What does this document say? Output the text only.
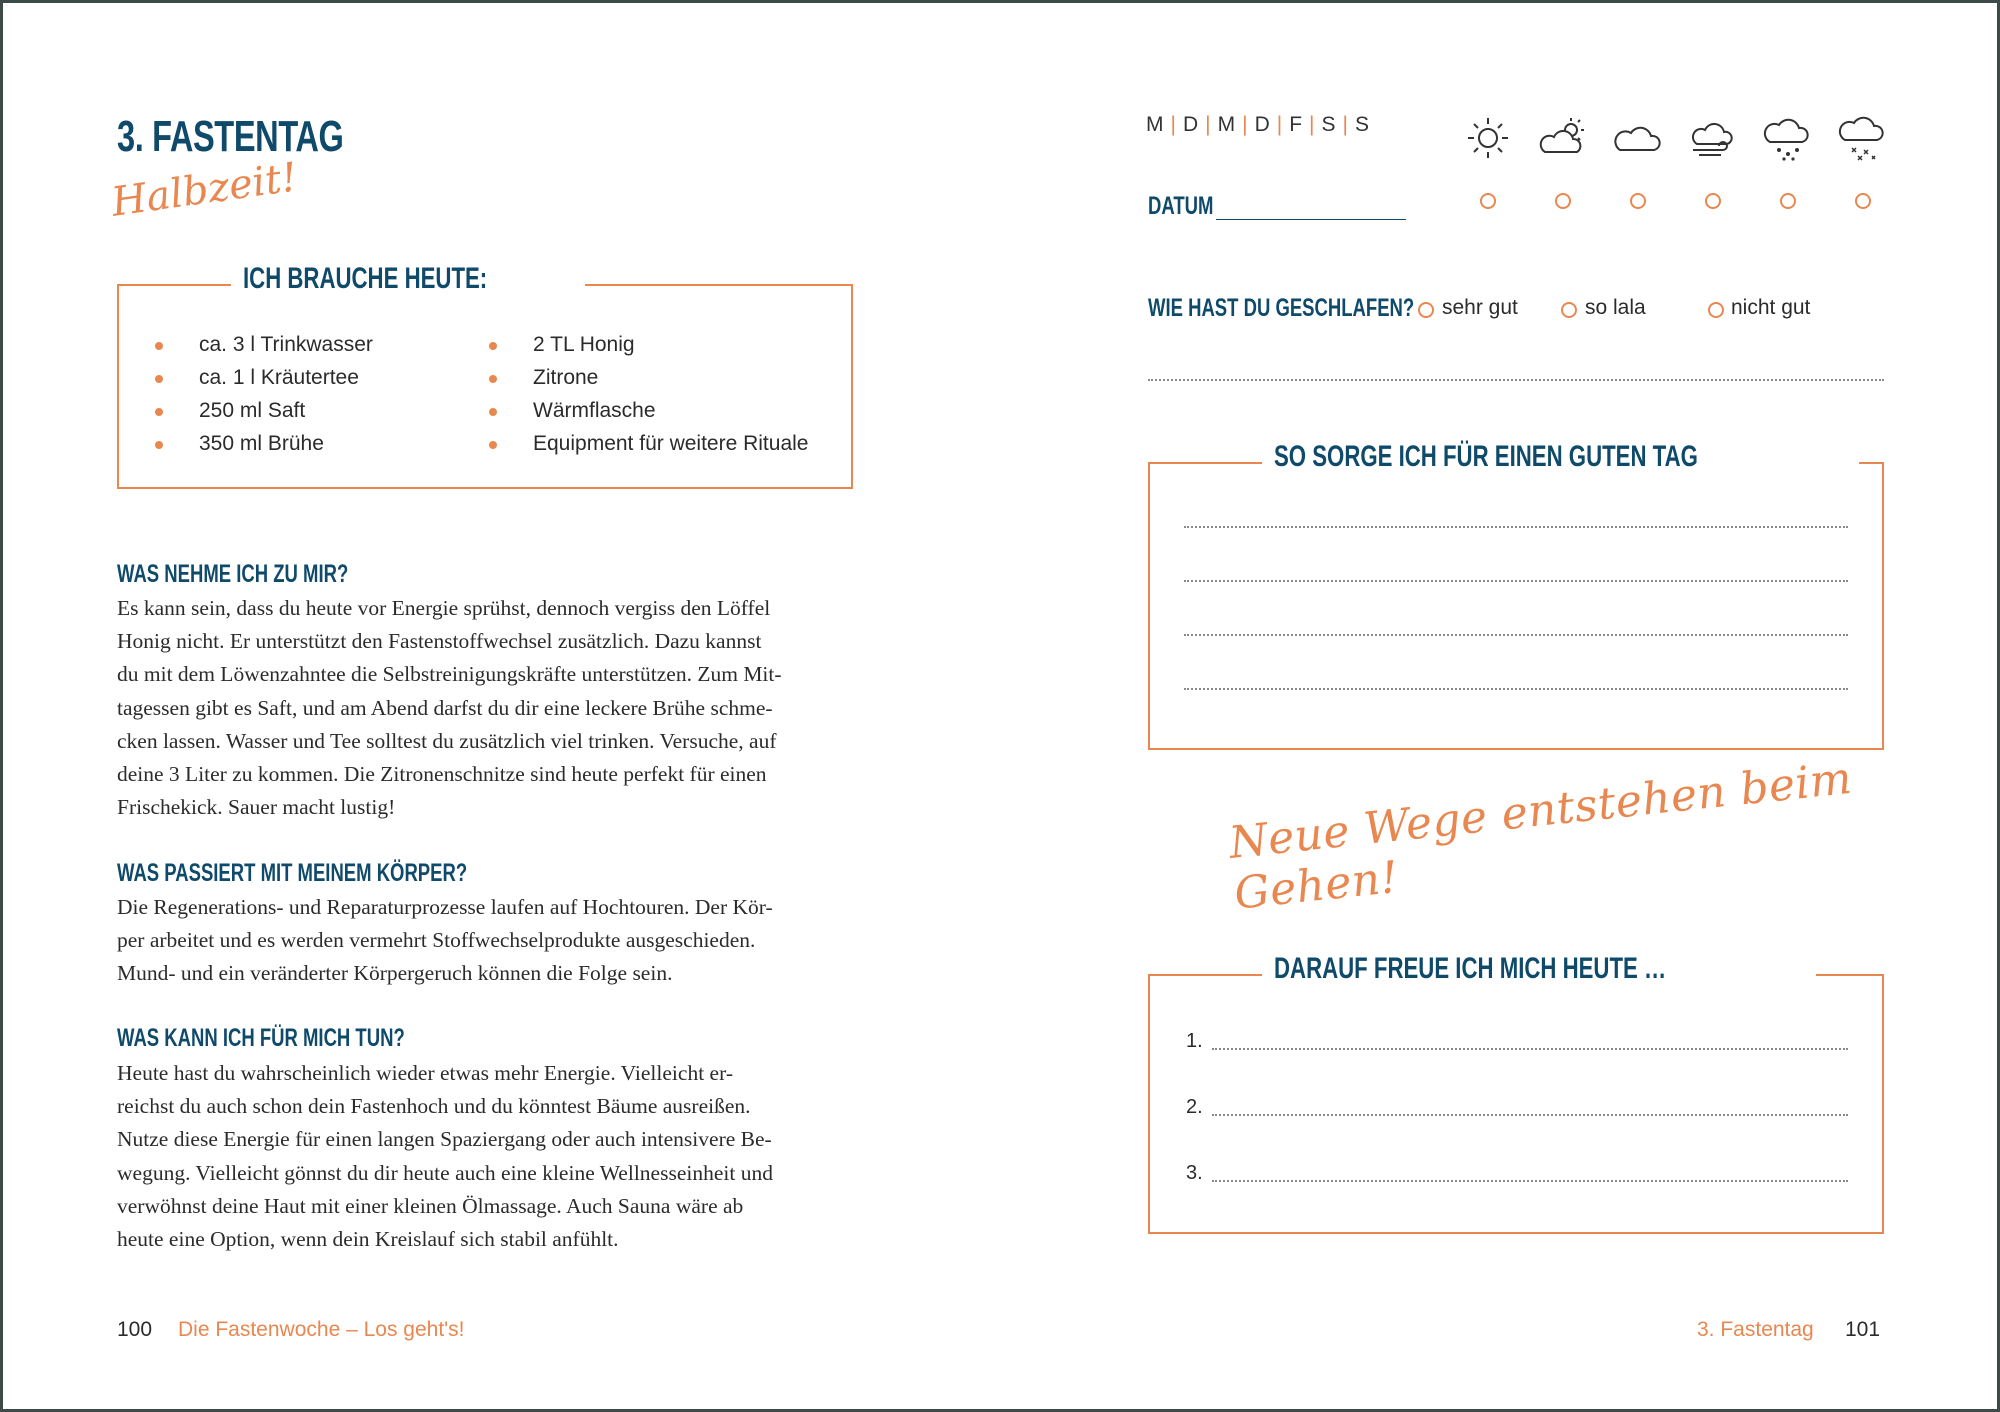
3. FASTENTAG
Halbzeit!
ICH BRAUCHE HEUTE:
ca. 3 l Trinkwasser
ca. 1 l Kräutertee
250 ml Saft
350 ml Brühe
2 TL Honig
Zitrone
Wärmflasche
Equipment für weitere Rituale
WAS NEHME ICH ZU MIR?
Es kann sein, dass du heute vor Energie sprühst, dennoch vergiss den Löffel
Honig nicht. Er unterstützt den Fastenstoffwechsel zusätzlich. Dazu kannst
du mit dem Löwenzahntee die Selbstreinigungskräfte unterstützen. Zum Mit-
tagessen gibt es Saft, und am Abend darfst du dir eine leckere Brühe schme-
cken lassen. Wasser und Tee solltest du zusätzlich viel trinken. Versuche, auf
deine 3 Liter zu kommen. Die Zitronenschnitze sind heute perfekt für einen
Frischekick. Sauer macht lustig!
WAS PASSIERT MIT MEINEM KÖRPER?
Die Regenerations- und Reparaturprozesse laufen auf Hochtouren. Der Kör-
per arbeitet und es werden vermehrt Stoffwechselprodukte ausgeschieden.
Mund- und ein veränderter Körpergeruch können die Folge sein.
WAS KANN ICH FÜR MICH TUN?
Heute hast du wahrscheinlich wieder etwas mehr Energie. Vielleicht er-
reichst du auch schon dein Fastenhoch und du könntest Bäume ausreißen.
Nutze diese Energie für einen langen Spaziergang oder auch intensivere Be-
wegung. Vielleicht gönnst du dir heute auch eine kleine Wellnesseinheit und
verwöhnst deine Haut mit einer kleinen Ölmassage. Auch Sauna wäre ab
heute eine Option, wenn dein Kreislauf sich stabil anfühlt.
100 Die Fastenwoche – Los geht's!
M | D | M | D | F | S | S
DATUM
WIE HAST DU GESCHLAFEN?	sehr gut	so lala	nicht gut
SO SORGE ICH FÜR EINEN GUTEN TAG
Neue Wege entstehen beim Gehen!
DARAUF FREUE ICH MICH HEUTE …
1.
2.
3.
3. Fastentag 101
